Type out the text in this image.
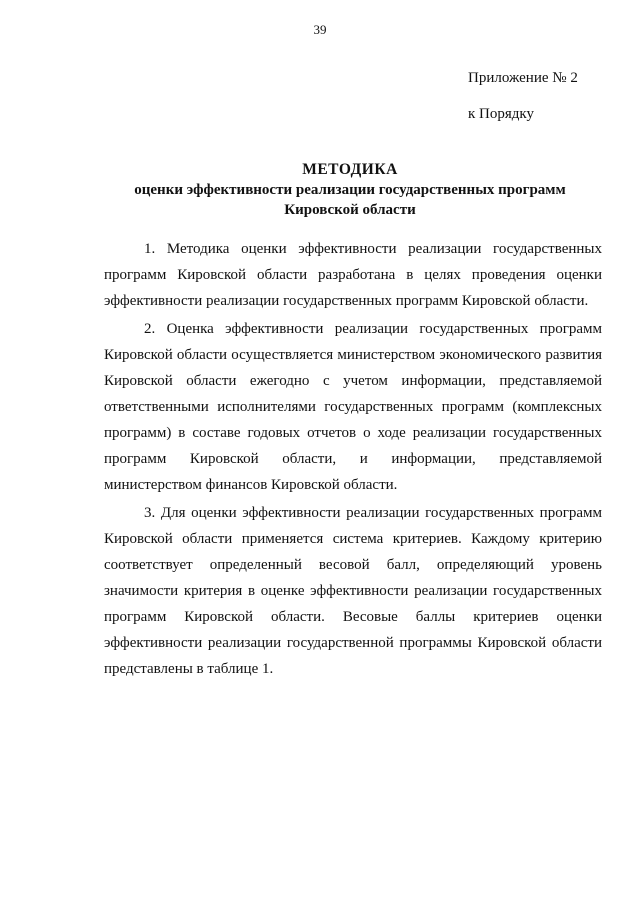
39
Приложение № 2
к Порядку
МЕТОДИКА
оценки эффективности реализации государственных программ
Кировской области

1. Методика оценки эффективности реализации государственных программ Кировской области разработана в целях проведения оценки эффективности реализации государственных программ Кировской области.

2. Оценка эффективности реализации государственных программ Кировской области осуществляется министерством экономического развития Кировской области ежегодно с учетом информации, представляемой ответственными исполнителями государственных программ (комплексных программ) в составе годовых отчетов о ходе реализации государственных программ Кировской области, и информации, представляемой министерством финансов Кировской области.

3. Для оценки эффективности реализации государственных программ Кировской области применяется система критериев. Каждому критерию соответствует определенный весовой балл, определяющий уровень значимости критерия в оценке эффективности реализации государственных программ Кировской области. Весовые баллы критериев оценки эффективности реализации государственной программы Кировской области представлены в таблице 1.
